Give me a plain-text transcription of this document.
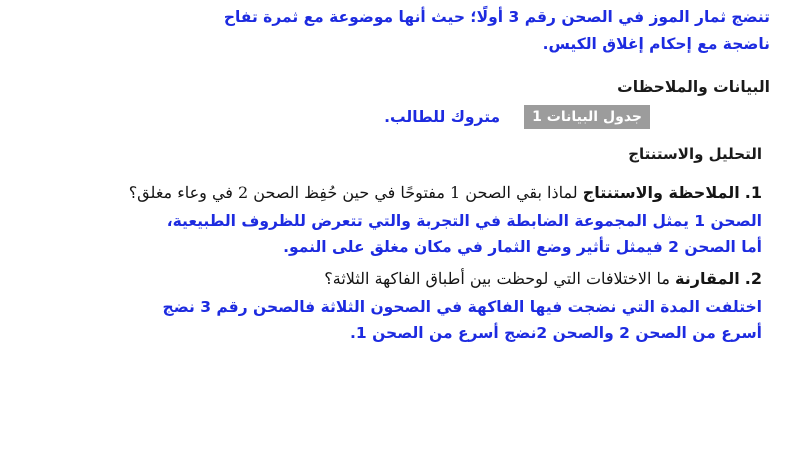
تنضج ثمار الموز في الصحن رقم 3 أولًا؛ حيث أنها موضوعة مع ثمرة تفاح
ناضجة مع إحكام إغلاق الكيس.
البيانات والملاحظات
جدول البيانات 1
متروك للطالب.
التحليل والاستنتاج
1. الملاحظة والاستنتاج لماذا بقي الصحن 1 مفتوحًا في حين حُفِظ الصحن 2 في وعاء مغلق؟
الصحن 1 يمثل المجموعة الضابطة في التجربة والتي تتعرض للظروف الطبيعية،
أما الصحن 2 فيمثل تأثير وضع الثمار في مكان مغلق على النمو.
2. المقارنة ما الاختلافات التي لوحظت بين أطباق الفاكهة الثلاثة؟
اختلفت المدة التي نضجت فيها الفاكهة في الصحون الثلاثة فالصحن رقم 3 نضج
أسرع من الصحن 2 والصحن 2نضج أسرع من الصحن 1.
